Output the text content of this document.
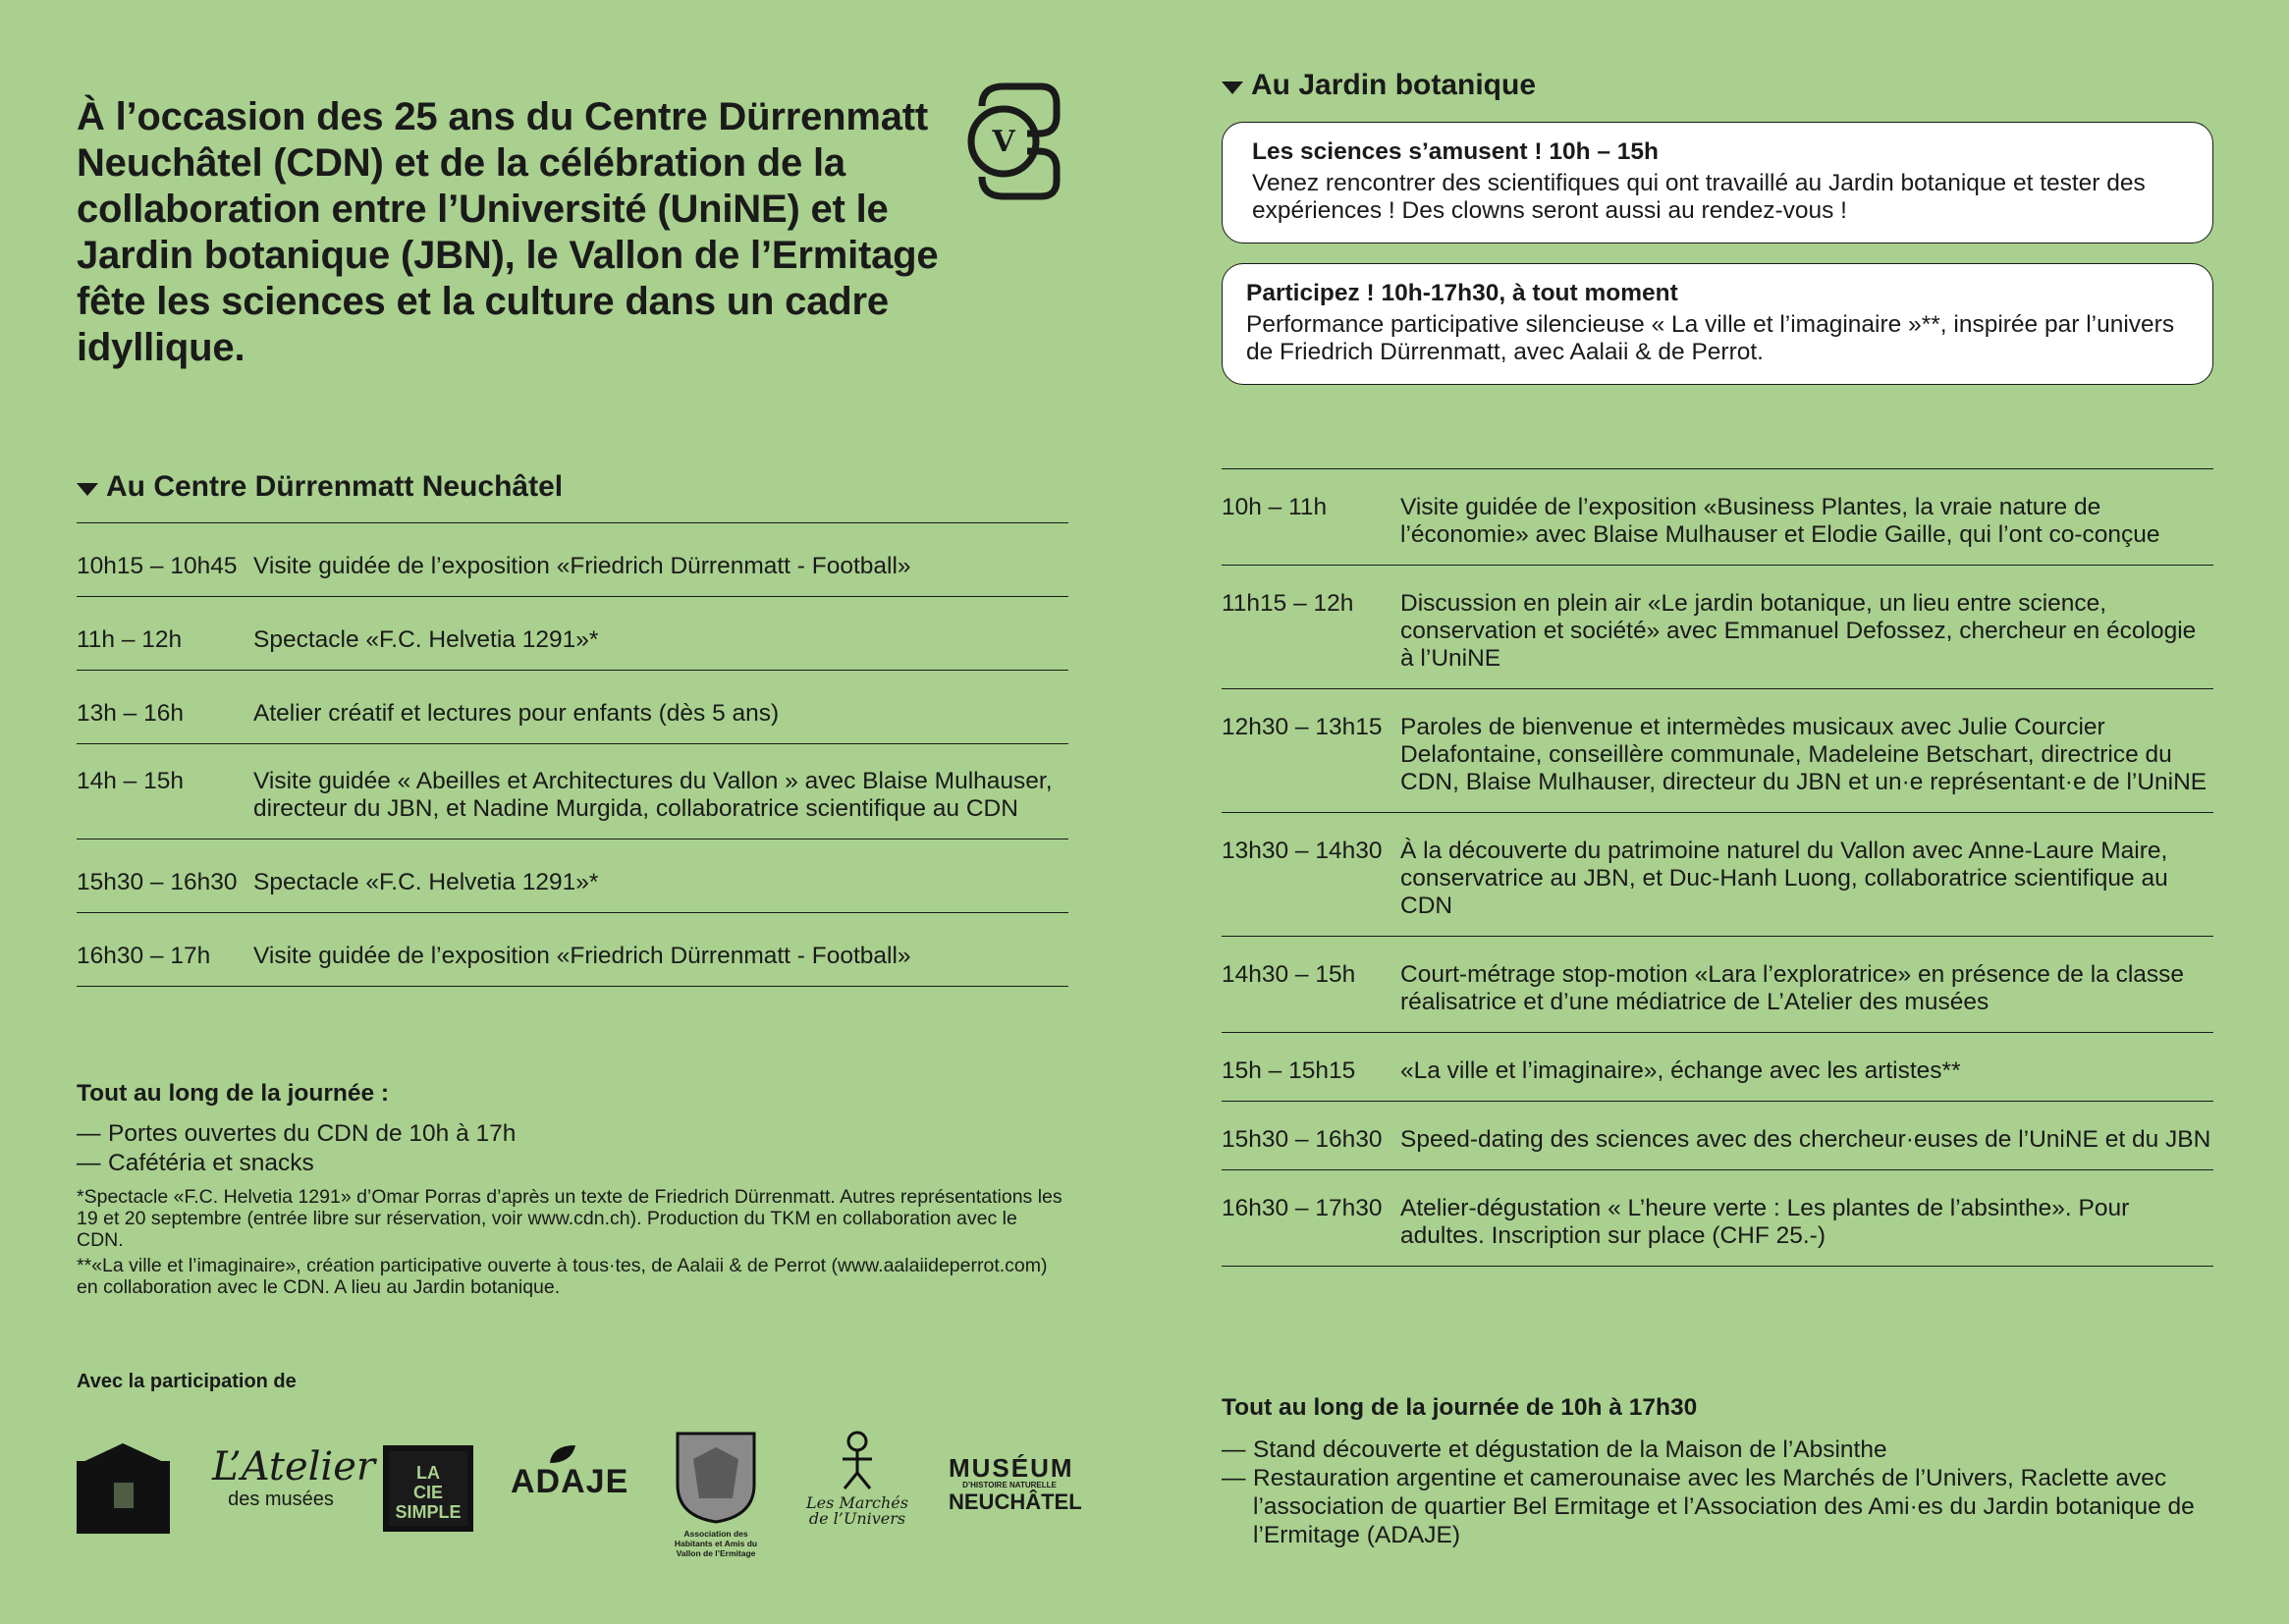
À l’occasion des 25 ans du Centre Dürrenmatt Neuchâtel (CDN) et de la célébration de la collaboration entre l’Université (UniNE) et le Jardin botanique (JBN), le Vallon de l’Ermitage fête les sciences et la culture dans un cadre idyllique.

V
Au Centre Dürrenmatt Neuchâtel
10h15 – 10h45 Visite guidée de l’exposition «Friedrich Dürrenmatt - Football»
11h – 12h	Spectacle «F.C. Helvetia 1291»*
13h – 16h	Atelier créatif et lectures pour enfants (dès 5 ans)
14h – 15h	Visite guidée « Abeilles et Architectures du Vallon » avec Blaise Mulhauser, directeur du JBN, et Nadine Murgida, collaboratrice scientifique au CDN
15h30 – 16h30 Spectacle «F.C. Helvetia 1291»*
16h30 – 17h	Visite guidée de l’exposition «Friedrich Dürrenmatt - Football»

Tout au long de la journée :

— Portes ouvertes du CDN de 10h à 17h
— Cafétéria et snacks

*Spectacle «F.C. Helvetia 1291» d’Omar Porras d’après un texte de Friedrich Dürrenmatt. Autres représentations les 19 et 20 septembre (entrée libre sur réservation, voir www.cdn.ch). Production du TKM en collaboration avec le CDN.

**«La ville et l’imaginaire», création participative ouverte à tous·tes, de Aalaii & de Perrot (www.aalaiideperrot.com) en collaboration avec le CDN. A lieu au Jardin botanique.

Avec la participation de
L’Atelier
des musées
LA
CIE
SIMPLE
ADAJE
Association des Habitants et Amis du Vallon de l’Ermitage
Les Marchés de l’Univers
MUSÉUM
D’HISTOIRE NATURELLE
NEUCHÂTEL
Au Jardin botanique
Les sciences s’amusent ! 10h – 15h
Venez rencontrer des scientifiques qui ont travaillé au Jardin botanique et tester des expériences ! Des clowns seront aussi au rendez-vous !
Participez ! 10h-17h30, à tout moment
Performance participative silencieuse « La ville et l’imaginaire »**, inspirée par l’univers de Friedrich Dürrenmatt, avec Aalaii & de Perrot.
10h – 11h	Visite guidée de l’exposition «Business Plantes, la vraie nature de l’économie» avec Blaise Mulhauser et Elodie Gaille, qui l’ont co-conçue
11h15 – 12h	Discussion en plein air «Le jardin botanique, un lieu entre science, conservation et société» avec Emmanuel Defossez, chercheur en écologie à l’UniNE
12h30 – 13h15 Paroles de bienvenue et intermèdes musicaux avec Julie Courcier Delafontaine, conseillère communale, Madeleine Betschart, directrice du CDN, Blaise Mulhauser, directeur du JBN et un·e représentant·e de l’UniNE
13h30 – 14h30 À la découverte du patrimoine naturel du Vallon avec Anne-Laure Maire, conservatrice au JBN, et Duc-Hanh Luong, collaboratrice scientifique au CDN
14h30 – 15h	Court-métrage stop-motion «Lara l’exploratrice» en présence de la classe réalisatrice et d’une médiatrice de L’Atelier des musées
15h – 15h15	«La ville et l’imaginaire», échange avec les artistes**
15h30 – 16h30 Speed-dating des sciences avec des chercheur·euses de l’UniNE et du JBN
16h30 – 17h30 Atelier-dégustation « L’heure verte : Les plantes de l’absinthe». Pour adultes. Inscription sur place (CHF 25.-)

Tout au long de la journée de 10h à 17h30

— Stand découverte et dégustation de la Maison de l’Absinthe
— Restauration argentine et camerounaise avec les Marchés de l’Univers, Raclette avec l’association de quartier Bel Ermitage et l’Association des Ami·es du Jardin botanique de l’Ermitage (ADAJE)
